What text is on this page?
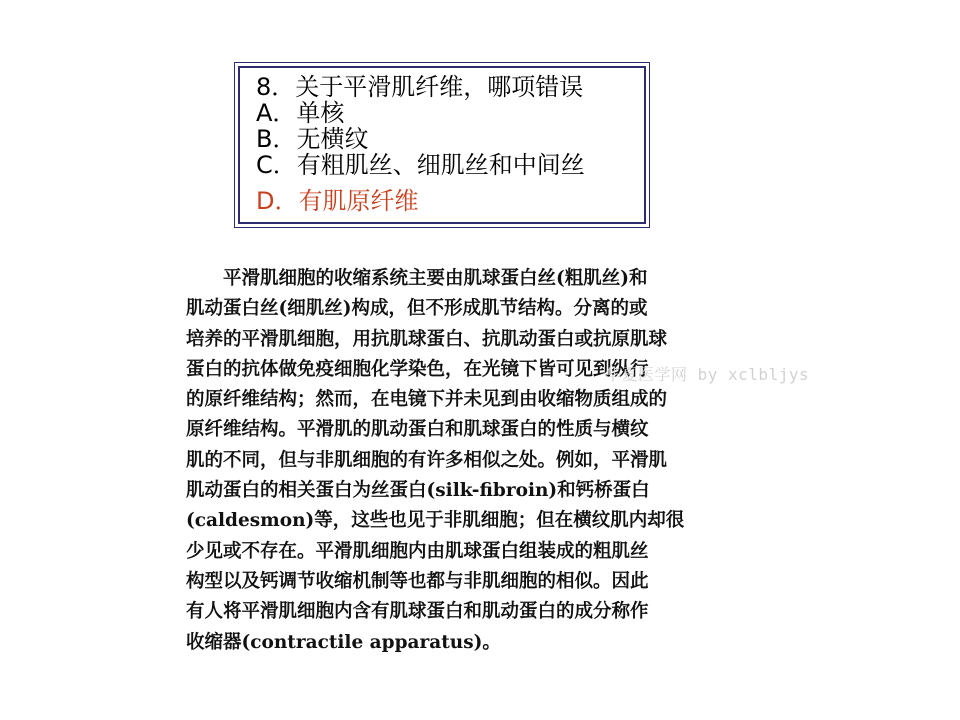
8．关于平滑肌纤维，哪项错误
A．单核
B．无横纹
C．有粗肌丝、细肌丝和中间丝
D．有肌原纤维
平滑肌细胞的收缩系统主要由肌球蛋白丝(粗肌丝)和
肌动蛋白丝(细肌丝)构成，但不形成肌节结构。分离的或
培养的平滑肌细胞，用抗肌球蛋白、抗肌动蛋白或抗原肌球
蛋白的抗体做免疫细胞化学染色，在光镜下皆可见到纵行
的原纤维结构；然而，在电镜下并未见到由收缩物质组成的
原纤维结构。平滑肌的肌动蛋白和肌球蛋白的性质与横纹
肌的不同，但与非肌细胞的有许多相似之处。例如，平滑肌
肌动蛋白的相关蛋白为丝蛋白(silk-fibroin)和钙桥蛋白
(caldesmon)等，这些也见于非肌细胞；但在横纹肌内却很
少见或不存在。平滑肌细胞内由肌球蛋白组装成的粗肌丝
构型以及钙调节收缩机制等也都与非肌细胞的相似。因此
有人将平滑肌细胞内含有肌球蛋白和肌动蛋白的成分称作
收缩器(contractile apparatus)。
华夏医学网 by xclbljys
